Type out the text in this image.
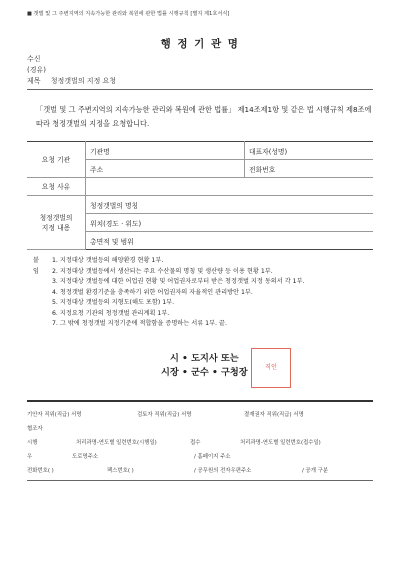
■ 갯벌 및 그 주변지역의 지속가능한 관리와 복원에 관한 법률 시행규칙 [별지 제1호서식]
행 정 기 관 명
수신
(경유)
제목 청정갯벌의 지정 요청
「갯벌 및 그 주변지역의 지속가능한 관리와 복원에 관한 법률」 제14조제1항 및 같은 법 시행규칙 제8조에 따라 청정갯벌의 지정을 요청합니다.
요청 기관	기관명	대표자(성명)
	주소	전화번호
요청 사유		
청정갯벌의
지정 내용	청정갯벌의 명칭	
	위치(경도 · 위도)	
	총면적 및 범위	
붙임
1. 지정대상 갯벌등의 해양환경 현황 1부.
2. 지정대상 갯벌등에서 생산되는 주요 수산물의 명칭 및 생산량 등 이용 현황 1부.
3. 지정대상 갯벌등에 대한 어업권 현황 및 어업권자로부터 받은 청정갯벌 지정 동의서 각 1부.
4. 청정갯벌 환경기준을 충족하기 위한 어업권자의 자율적인 관리방안 1부.
5. 지정대상 갯벌등의 지형도(해도 포함) 1부.
6. 지정요청 기관의 청정갯벌 관리계획 1부.
7. 그 밖에 청정갯벌 지정기준에 적합함을 증명하는 서류 1부. 끝.
시 • 도지사 또는
시장 • 군수 • 구청장	직인
기안자 직위(직급) 서명	검토자 직위(직급) 서명	결재권자 직위(직급) 서명
협조자
시행	처리과명-연도별 일련번호(시행일)	접수	처리과명-연도별 일련번호(접수일)
우	도로명주소	/ 홈페이지 주소
전화번호( )	팩스번호( )	/ 공무원의 전자우편주소	/ 공개 구분
